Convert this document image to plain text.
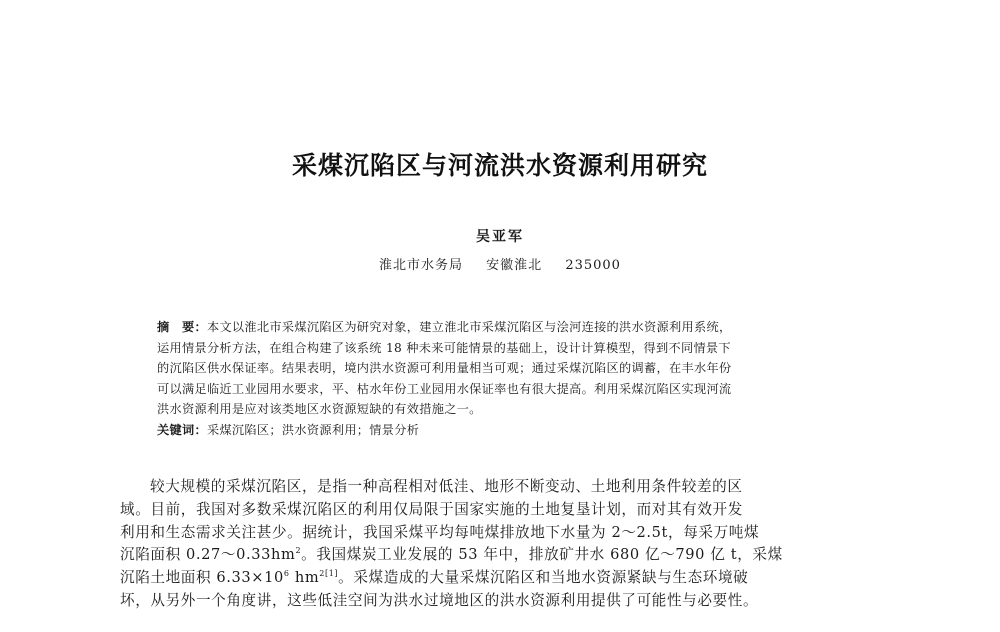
采煤沉陷区与河流洪水资源利用研究
吴亚军
淮北市水务局 安徽淮北 235000
摘　要：本文以淮北市采煤沉陷区为研究对象，建立淮北市采煤沉陷区与浍河连接的洪水资源利用系统，
运用情景分析方法，在组合构建了该系统 18 种未来可能情景的基础上，设计计算模型，得到不同情景下
的沉陷区供水保证率。结果表明，境内洪水资源可利用量相当可观；通过采煤沉陷区的调蓄，在丰水年份
可以满足临近工业园用水要求，平、枯水年份工业园用水保证率也有很大提高。利用采煤沉陷区实现河流
洪水资源利用是应对该类地区水资源短缺的有效措施之一。
关键词：采煤沉陷区；洪水资源利用；情景分析
较大规模的采煤沉陷区，是指一种高程相对低洼、地形不断变动、土地利用条件较差的区
域。目前，我国对多数采煤沉陷区的利用仅局限于国家实施的土地复垦计划，而对其有效开发
利用和生态需求关注甚少。据统计，我国采煤平均每吨煤排放地下水量为 2～2.5t，每采万吨煤
沉陷面积 $0.27\sim 0.33hm^2$。我国煤炭工业发展的 53 年中，排放矿井水 680 亿～790 亿 t，采煤
沉陷土地面积 $6.33\times 10^6$ $hm^{2[1]}$。采煤造成的大量采煤沉陷区和当地水资源紧缺与生态环境破
坏，从另外一个角度讲，这些低洼空间为洪水过境地区的洪水资源利用提供了可能性与必要性。
